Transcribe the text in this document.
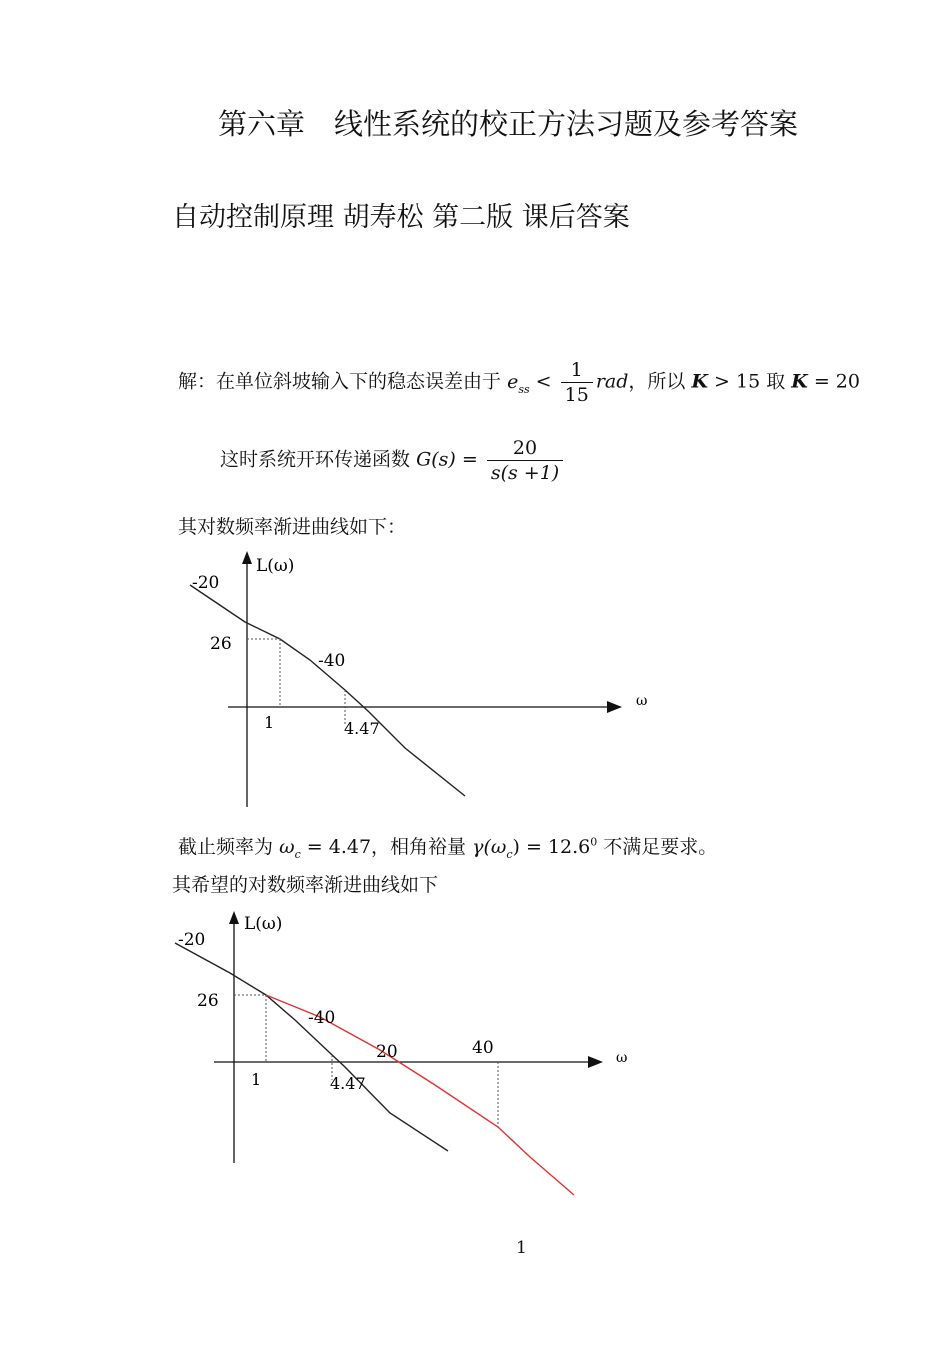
第六章　线性系统的校正方法习题及参考答案
自动控制原理 胡寿松 第二版 课后答案
解：在单位斜坡输入下的稳态误差由于 $e_{ss} < \frac{1}{15}$ rad，所以 K > 15 取 K = 20
这时系统开环传递函数 $G(s) = \frac{20}{s(s +1)}$
其对数频率渐进曲线如下：
L(ω)
ω
-20
-40
26
1	4.47
截止频率为 $\omega_c = 4.47$，相角裕量 $\gamma(\omega_c) = 12.6^0$ 不满足要求。
其希望的对数频率渐进曲线如下
L(ω)
ω
-20
-40
26
1	4.47
20	40
1
